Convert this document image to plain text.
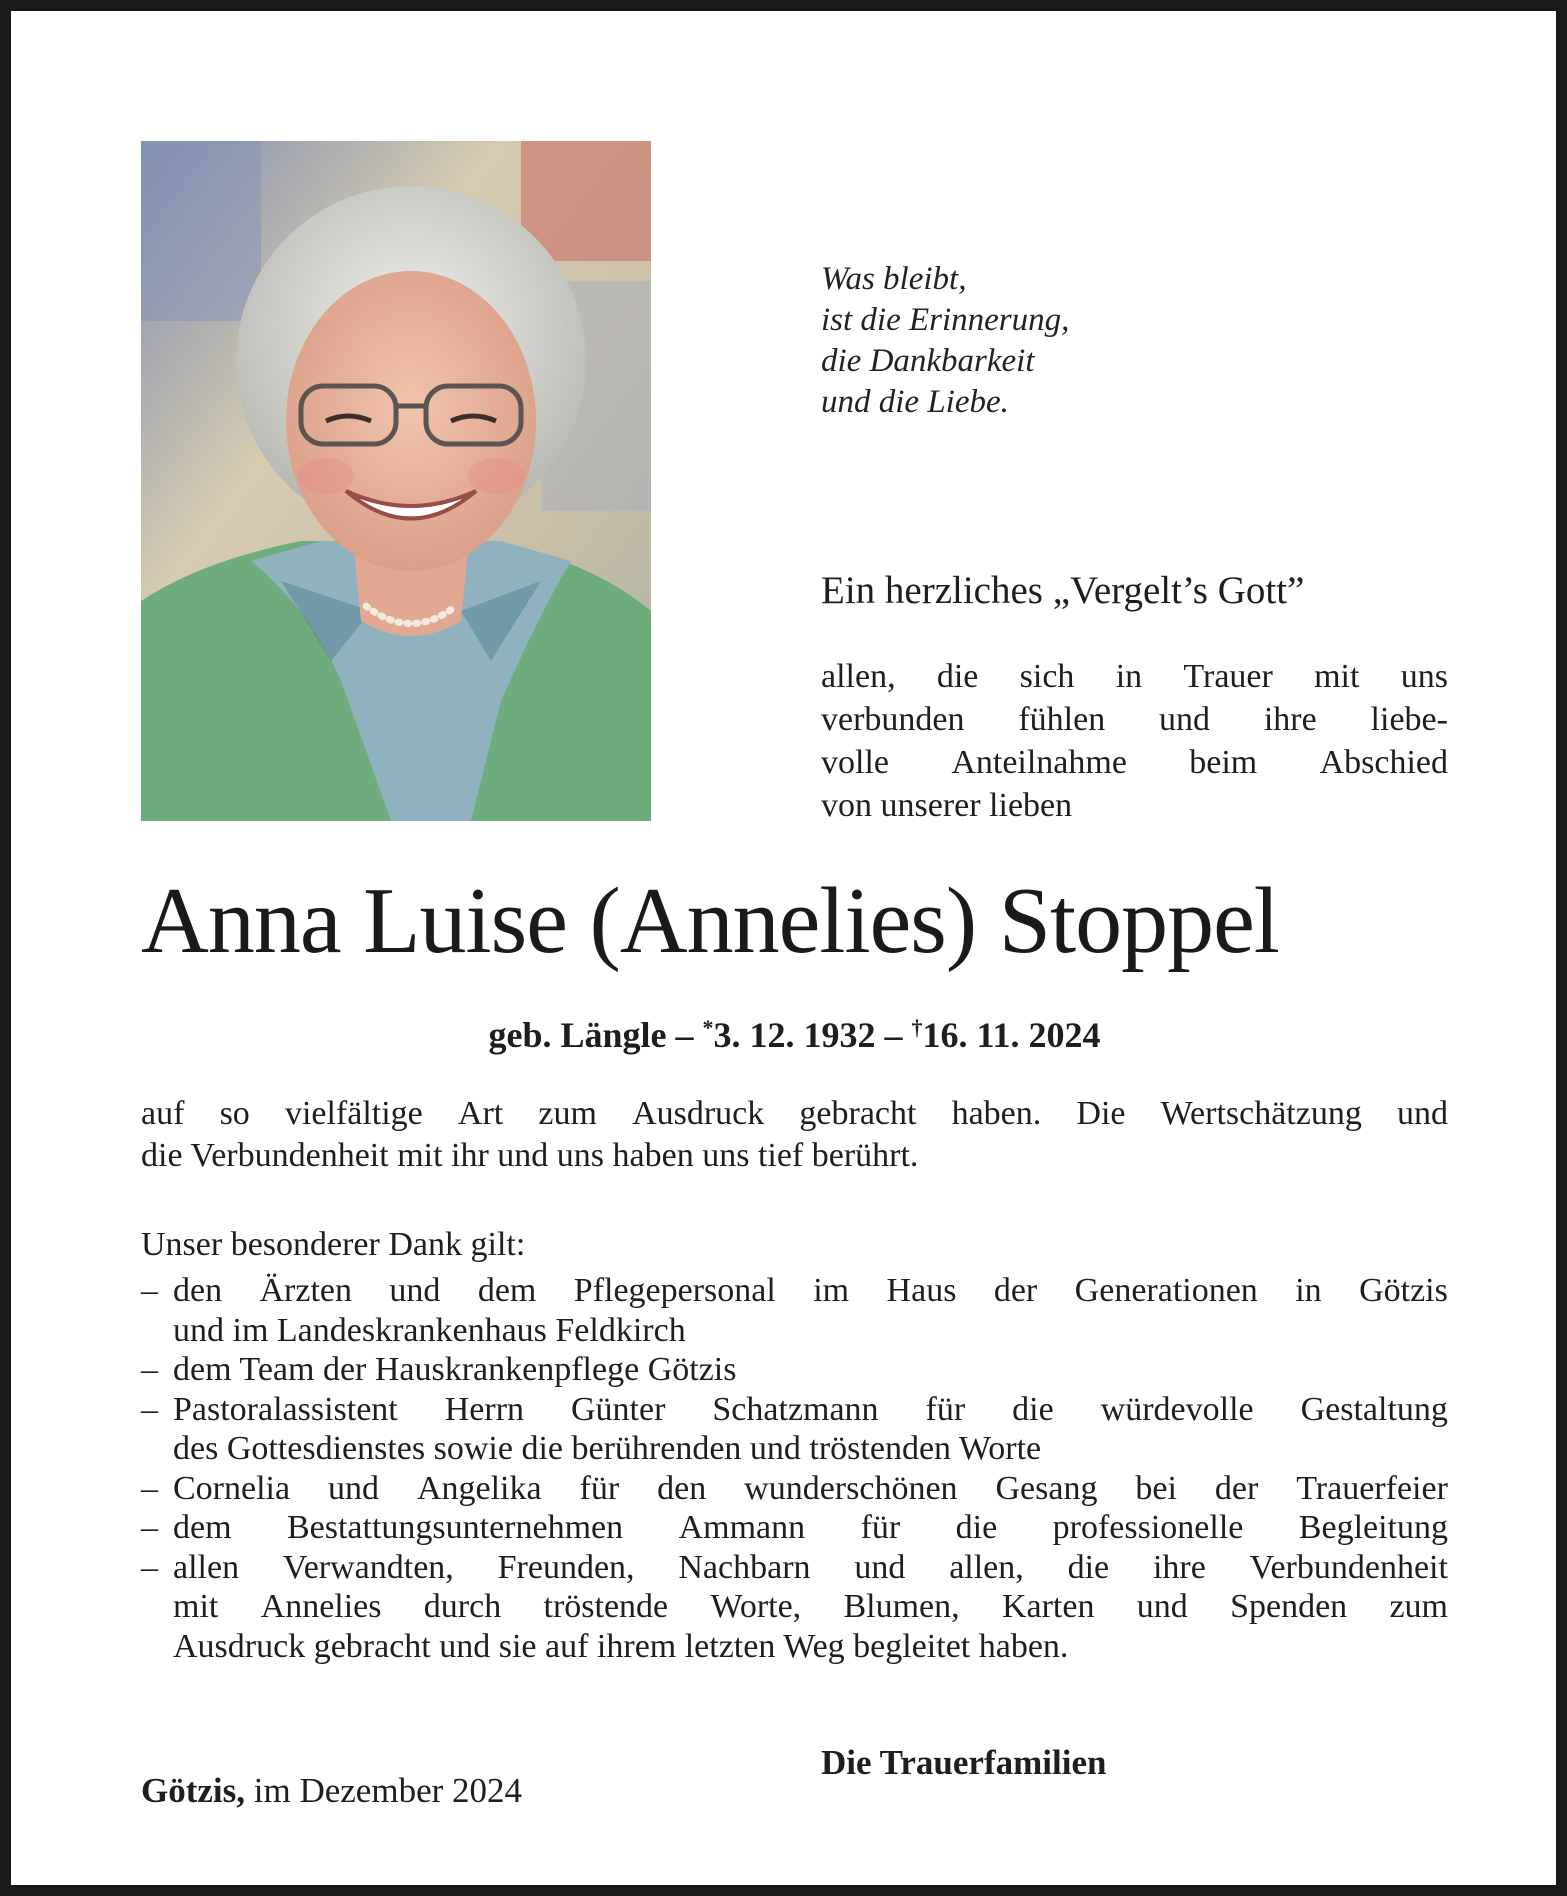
Was bleibt,
ist die Erinnerung,
die Dankbarkeit
und die Liebe.
Ein herzliches „Vergelt’s Gott”
allen, die sich in Trauer mit uns
verbunden fühlen und ihre liebe-
volle Anteilnahme beim Abschied
von unserer lieben
Anna Luise (Annelies) Stoppel
geb. Längle – *3. 12. 1932 – †16. 11. 2024
auf so vielfältige Art zum Ausdruck gebracht haben. Die Wertschätzung und
die Verbundenheit mit ihr und uns haben uns tief berührt.
Unser besonderer Dank gilt:
– den Ärzten und dem Pflegepersonal im Haus der Generationen in Götzis
und im Landeskrankenhaus Feldkirch
– dem Team der Hauskrankenpflege Götzis
– Pastoralassistent Herrn Günter Schatzmann für die würdevolle Gestaltung
des Gottesdienstes sowie die berührenden und tröstenden Worte
– Cornelia und Angelika für den wunderschönen Gesang bei der Trauerfeier
– dem Bestattungsunternehmen Ammann für die professionelle Begleitung
– allen Verwandten, Freunden, Nachbarn und allen, die ihre Verbundenheit
mit Annelies durch tröstende Worte, Blumen, Karten und Spenden zum
Ausdruck gebracht und sie auf ihrem letzten Weg begleitet haben.
Die Trauerfamilien
Götzis, im Dezember 2024
